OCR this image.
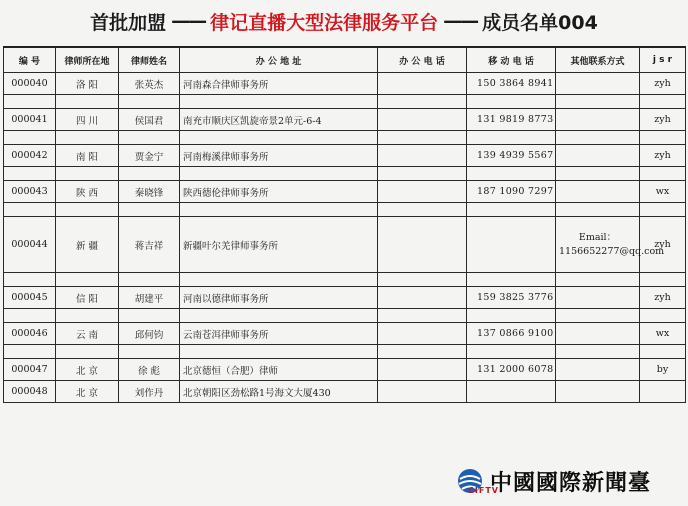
首批加盟 —— 律记直播大型法律服务平台 —— 成员名单004
编 号	律师所在地	律师姓名	办 公 地 址	办 公 电 话	移 动 电 话	其他联系方式	j s r
000040	洛 阳	张英杰	河南森合律师事务所		150 3864 8941		zyh

000041	四 川	侯国君	南充市顺庆区凯旋帝景2单元-6-4		131 9819 8773		zyh

000042	南 阳	贾金宁	河南梅溪律师事务所		139 4939 5567		zyh

000043	陕 西	秦晓锋	陕西德伦律师事务所		187 1090 7297		wx

000044	新 疆	蒋吉祥	新疆叶尔羌律师事务所			Email：1156652277@qq.com	zyh

000045	信 阳	胡建平	河南以德律师事务所		159 3825 3776		zyh

000046	云 南	邱何钧	云南苍洱律师事务所		137 0866 9100		wx

000047	北 京	徐 彪	北京德恒（合肥）律师		131 2000 6078		by
000048	北 京	刘作丹	北京朝阳区劲松路1号海文大厦430				
CIFTV
中國國際新聞臺
